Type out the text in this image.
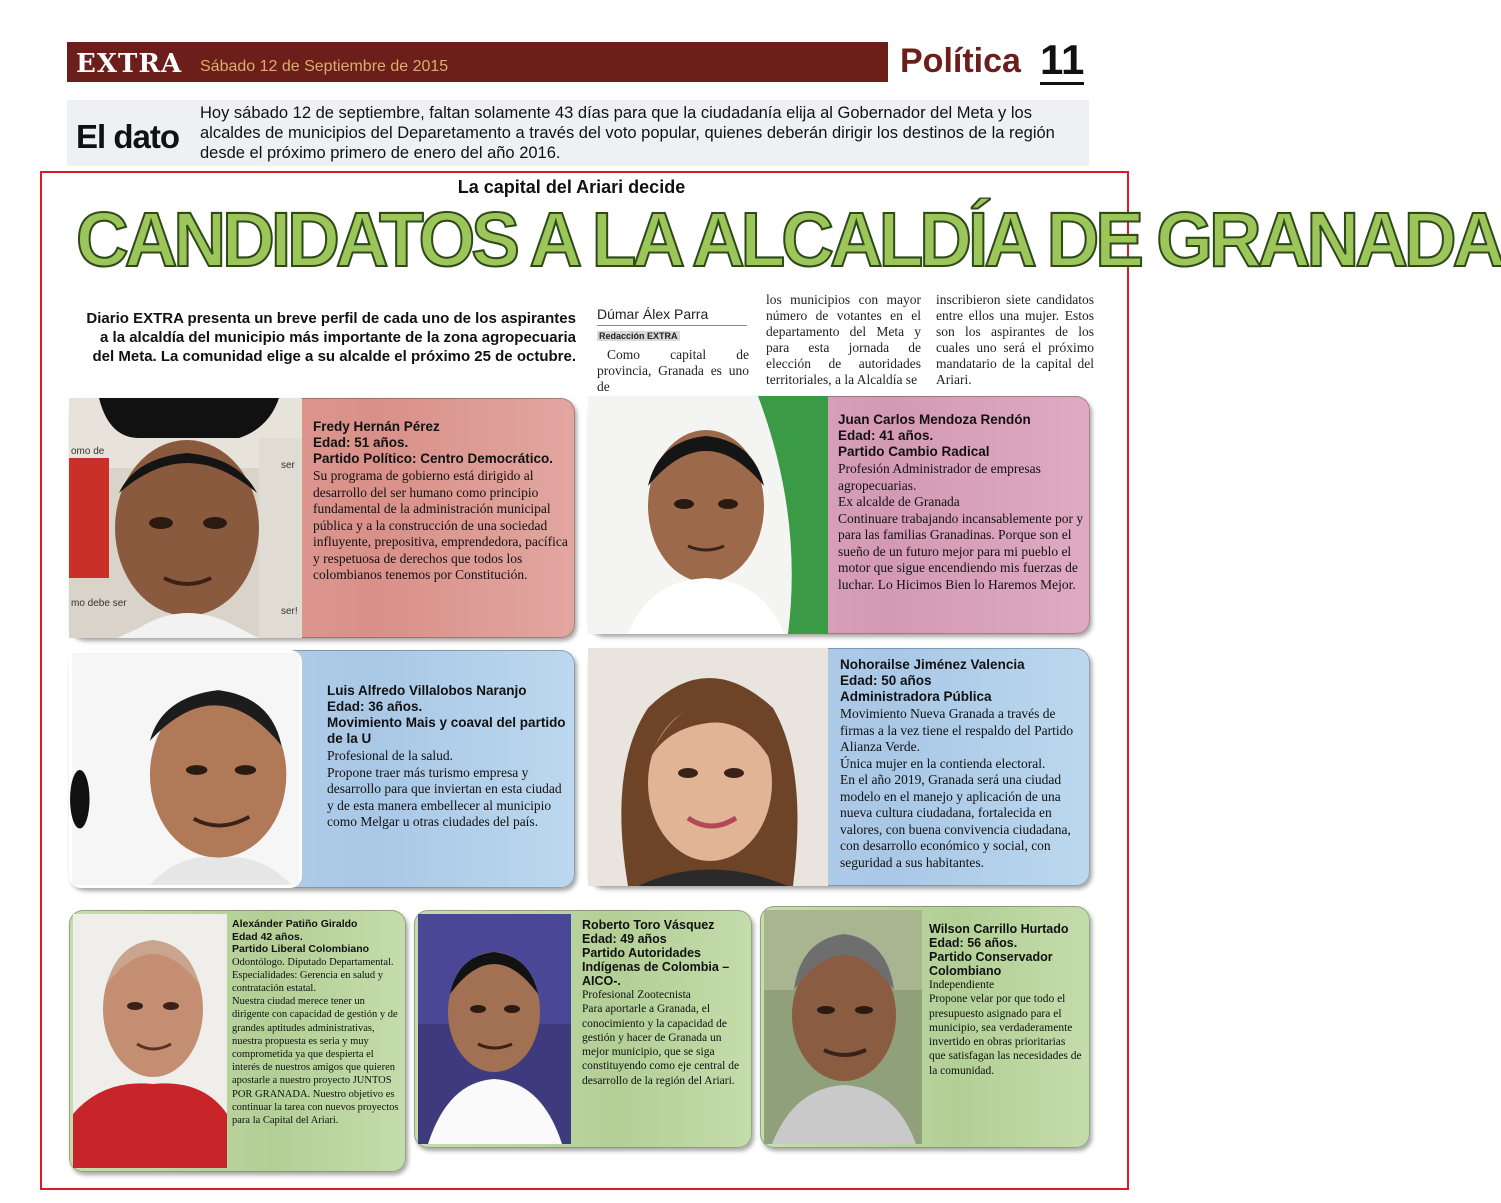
EXTRA Sábado 12 de Septiembre de 2015	Política 11
El dato
Hoy sábado 12 de septiembre, faltan solamente 43 días para que la ciudadanía elija al Gobernador del Meta y los alcaldes de municipios del Deparetamento a través del voto popular, quienes deberán dirigir los destinos de la región desde el próximo primero de enero del año 2016.
La capital del Ariari decide
CANDIDATOS A LA ALCALDÍA DE GRANADA
Diario EXTRA presenta un breve perfil de cada uno de los aspirantes a la alcaldía del municipio más importante de la zona agropecuaria del Meta. La comunidad elige a su alcalde el próximo 25 de octubre.
Dúmar Álex Parra
Redacción EXTRA
Como capital de provincia, Granada es uno de
los municipios con mayor número de votantes en el departamento del Meta y para esta jornada de elección de autoridades territoriales, a la Alcaldía se
inscribieron siete candidatos entre ellos una mujer. Estos son los aspirantes de los cuales uno será el próximo mandatario de la capital del Ariari.
omo de
mo debe ser
ser
ser!
Fredy Hernán Pérez
Edad: 51 años.
Partido Político: Centro Democrático.
Su programa de gobierno está dirigido al desarrollo del ser humano como principio fundamental de la administración municipal pública y a la construcción de una sociedad influyente, prepositiva, emprendedora, pacífica y respetuosa de derechos que todos los colombianos tenemos por Constitución.
Juan Carlos Mendoza Rendón
Edad: 41 años.
Partido Cambio Radical
Profesión Administrador de empresas agropecuarias.
Ex alcalde de Granada
Continuare trabajando incansablemente por y para las familias Granadinas. Porque son el sueño de un futuro mejor para mi pueblo el motor que sigue encendiendo mis fuerzas de luchar. Lo Hicimos Bien lo Haremos Mejor.
Luis Alfredo Villalobos Naranjo
Edad: 36 años.
Movimiento Mais y coaval del partido de la U
Profesional de la salud.
Propone traer más turismo empresa y desarrollo para que inviertan en esta ciudad y de esta manera embellecer al municipio como Melgar u otras ciudades del país.
Nohorailse Jiménez Valencia
Edad: 50 años
Administradora Pública
Movimiento Nueva Granada a través de firmas a la vez tiene el respaldo del Partido Alianza Verde.
Única mujer en la contienda electoral.
En el año 2019, Granada será una ciudad modelo en el manejo y aplicación de una nueva cultura ciudadana, fortalecida en valores, con buena convivencia ciudadana, con desarrollo económico y social, con seguridad a sus habitantes.
Alexánder Patiño Giraldo
Edad 42 años.
Partido Liberal Colombiano
Odontólogo. Diputado Departamental. Especialidades: Gerencia en salud y contratación estatal.
Nuestra ciudad merece tener un dirigente con capacidad de gestión y de grandes aptitudes administrativas, nuestra propuesta es seria y muy comprometida ya que despierta el interés de nuestros amigos que quieren apostarle a nuestro proyecto JUNTOS POR GRANADA. Nuestro objetivo es continuar la tarea con nuevos proyectos para la Capital del Ariari.
Roberto Toro Vásquez
Edad: 49 años
Partido Autoridades Indígenas de Colombia – AICO-.
Profesional Zootecnista
Para aportarle a Granada, el conocimiento y la capacidad de gestión y hacer de Granada un mejor municipio, que se siga constituyendo como eje central de desarrollo de la región del Ariari.
Wilson Carrillo Hurtado
Edad: 56 años.
Partido Conservador Colombiano
Independiente
Propone velar por que todo el presupuesto asignado para el municipio, sea verdaderamente invertido en obras prioritarias que satisfagan las necesidades de la comunidad.
